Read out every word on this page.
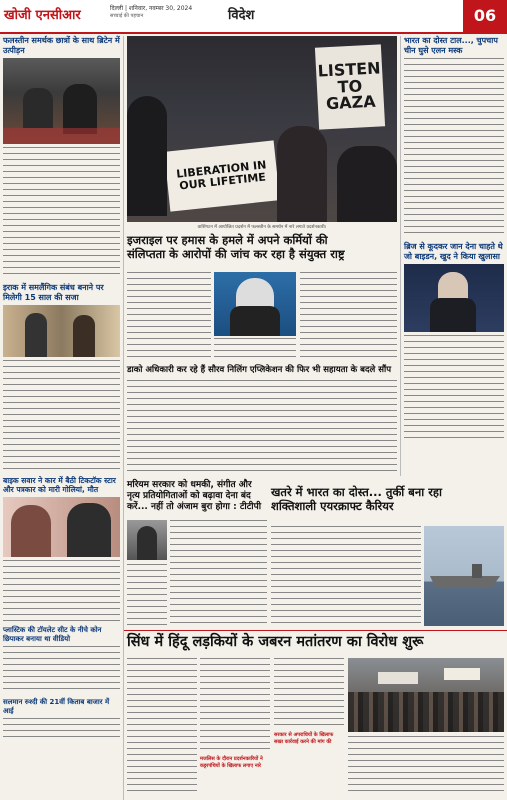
खोजी एनसीआर	दिल्ली | शनिवार, नवम्बर 30, 2024
सच्चाई की पहचान	विदेश	06
फलस्तीन समर्थक छात्रों के साथ ब्रिटेन में उत्पीड़न
इराक में समलैंगिक संबंध बनाने पर मिलेगी 15 साल की सजा
बाइक सवार ने कार में बैठी टिकटॉक स्टार और पत्रकार को मारी गोलियां, मौत
प्लास्टिक की टॉयलेट सीट के नीचे कोन छिपाकर बनाया था वीडियो
सलमान रुश्दी की 21वीं किताब बाजार में आई
LISTEN TO GAZA
LIBERATION IN OUR LIFETIME
वाशिंगटन में आयोजित प्रदर्शन में फलस्तीन के समर्थन में नारे लगाते प्रदर्शनकारी।
इजराइल पर हमास के हमले में अपने कर्मियों की
संलिप्तता के आरोपों की जांच कर रहा है संयुक्त राष्ट्र
डाको अधिकारी कर रहे हैं सौरव निलिंग एप्लिकेशन की फिर भी सहायता के बदले सौंप
मरियम सरकार को धमकी, संगीत और
नृत्य प्रतियोगिताओं को बढ़ावा देना बंद
करें... नहीं तो अंजाम बुरा होगा : टीटीपी
खतरे में भारत का दोस्त... तुर्की बना रहा
शक्तिशाली एयरक्राफ्ट कैरियर
भारत का दोस्त टाल..., चुपचाप चीन घुसे एलन मस्क
ब्रिज से कूदकर जान देना चाहते थे जो बाइडन, खुद ने किया खुलासा
सिंध में हिंदू लड़कियों के जबरन मतांतरण का विरोध शुरू
मजलिस के दौरान प्रदर्शनकारियों ने कट्टरपंथियों के खिलाफ लगाए नारे
सरकार से अपराधियों के खिलाफ सख्त कार्रवाई करने की मांग की
